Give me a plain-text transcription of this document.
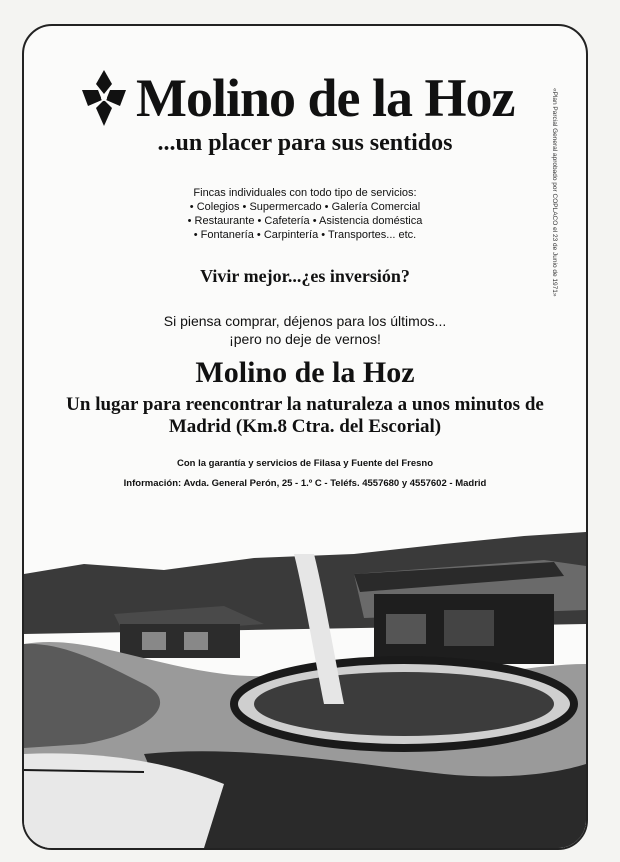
Molino de la Hoz
...un placer para sus sentidos
Fincas individuales con todo tipo de servicios:
• Colegios • Supermercado • Galería Comercial
• Restaurante • Cafetería • Asistencia doméstica
• Fontanería • Carpintería • Transportes... etc.
Vivir mejor...¿es inversión?
Si piensa comprar, déjenos para los últimos...
¡pero no deje de vernos!
Molino de la Hoz
Un lugar para reencontrar la naturaleza a unos minutos de
Madrid (Km.8 Ctra. del Escorial)
Con la garantía y servicios de Filasa y Fuente del Fresno
Información: Avda. General Perón, 25 - 1.º C - Teléfs. 4557680 y 4557602 - Madrid
«Plan Parcial General aprobado por COPLACO el 23 de Junio de 1971»
